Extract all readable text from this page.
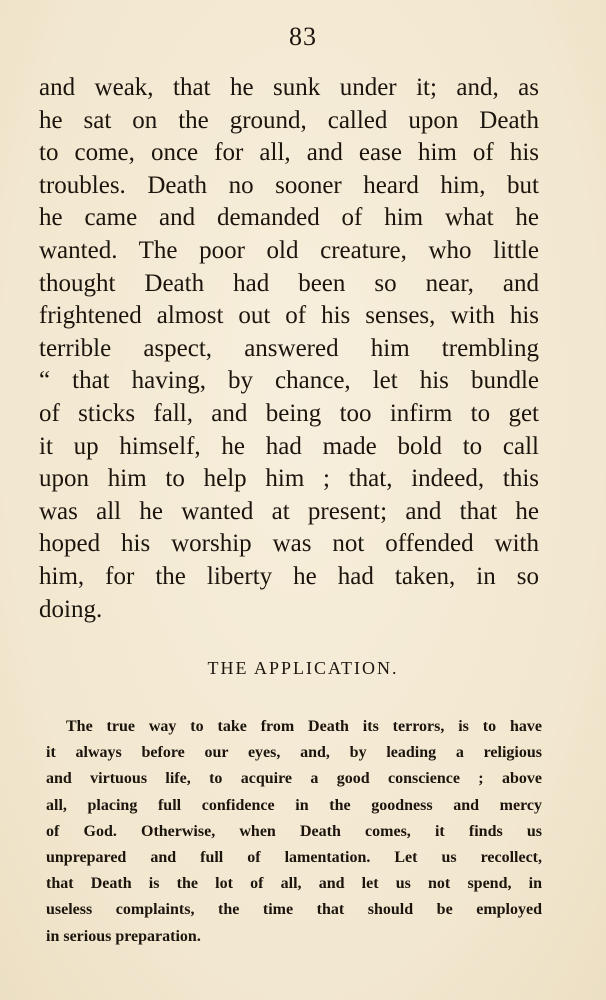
83
and weak, that he sunk under it; and, as
he sat on the ground, called upon Death
to come, once for all, and ease him of his
troubles. Death no sooner heard him, but
he came and demanded of him what he
wanted. The poor old creature, who little
thought Death had been so near, and
frightened almost out of his senses, with his
terrible aspect, answered him trembling
“ that having, by chance, let his bundle
of sticks fall, and being too infirm to get
it up himself, he had made bold to call
upon him to help him ; that, indeed, this
was all he wanted at present; and that he
hoped his worship was not offended with
him, for the liberty he had taken, in so
doing.
THE APPLICATION.
The true way to take from Death its terrors, is to have
it always before our eyes, and, by leading a religious
and virtuous life, to acquire a good conscience ; above
all, placing full confidence in the goodness and mercy
of God. Otherwise, when Death comes, it finds us
unprepared and full of lamentation. Let us recollect,
that Death is the lot of all, and let us not spend, in
useless complaints, the time that should be employed
in serious preparation.
